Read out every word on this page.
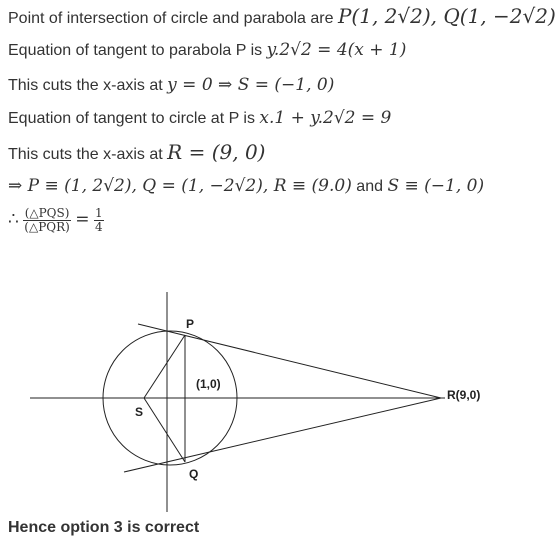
Point of intersection of circle and parabola are P(1, 2√2), Q(1, −2√2)
Equation of tangent to parabola P is y.2√2 = 4(x + 1)
This cuts the x-axis at y = 0 ⇒ S = (−1, 0)
Equation of tangent to circle at P is x.1 + y.2√2 = 9
This cuts the x-axis at R = (9, 0)
⇒ P ≡ (1, 2√2), Q = (1, −2√2), R ≡ (9.0) and S ≡ (−1, 0)
∴ $\frac{\text{(△PQS)}}{\text{(△PQR)}} = \frac{1}{4}$
P
Q
S
(1,0)
R(9,0)
Hence option 3 is correct
